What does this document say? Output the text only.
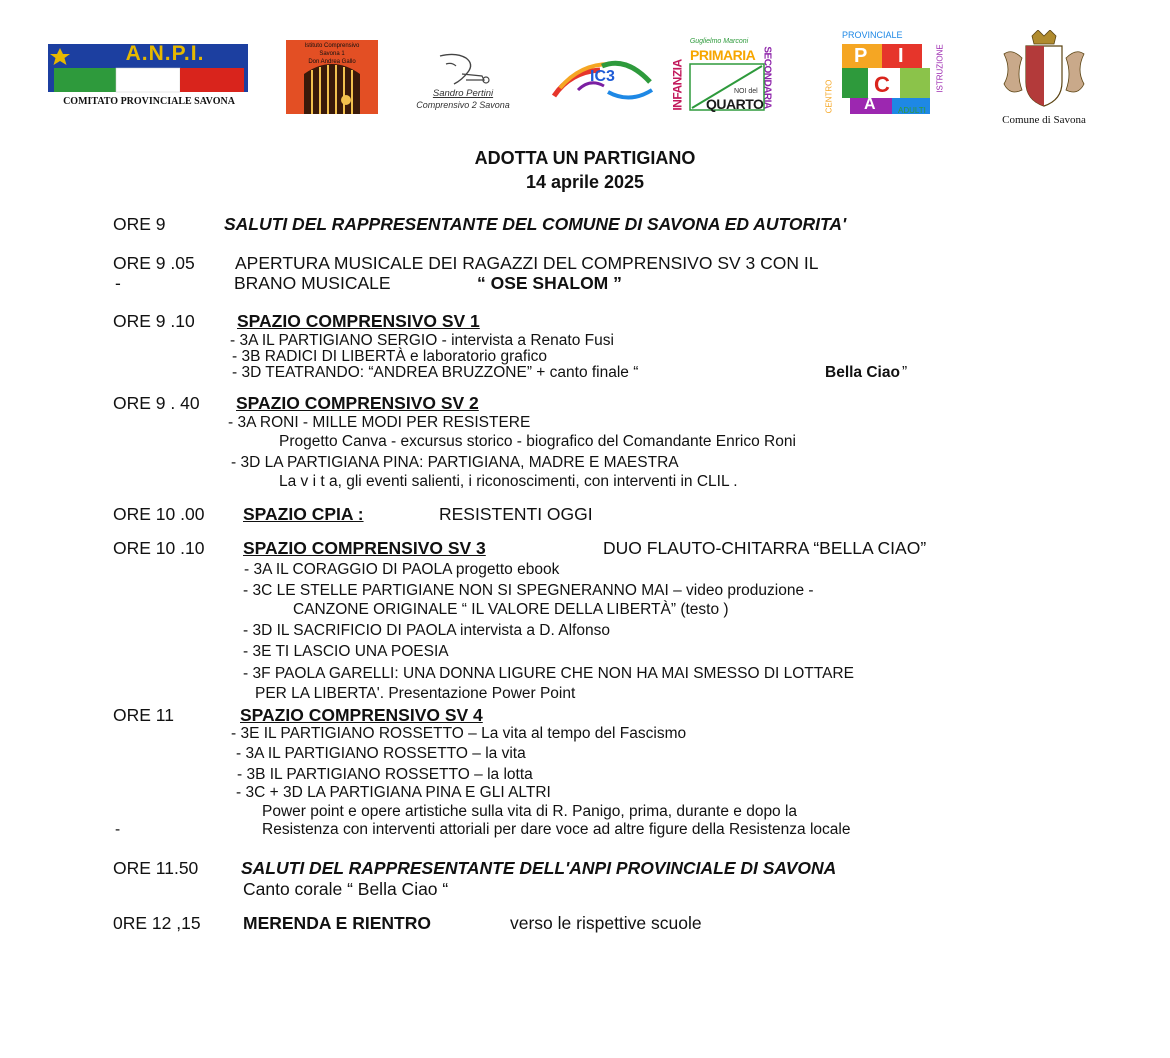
A.N.P.I.
COMITATO PROVINCIALE SAVONA
Istituto Comprensivo
Savona 1
Don Andrea Gallo
Sandro Pertini
Comprensivo 2 Savona
IC3
Guglielmo Marconi
PRIMARIA
INFANZIA	SECONDARIA
NOI del
QUARTO
PROVINCIALE
ISTRUZIONE
CENTRO	ADULTI
C
P I
A
Comune di Savona
ADOTTA UN PARTIGIANO
14 aprile 2025
ORE 9	SALUTI DEL RAPPRESENTANTE DEL COMUNE DI SAVONA ED AUTORITA'
ORE 9 .05 APERTURA MUSICALE DEI RAGAZZI DEL COMPRENSIVO SV 3 CON IL
-	BRANO MUSICALE	“ OSE SHALOM ”
ORE 9 .10 SPAZIO COMPRENSIVO SV 1
- 3A IL PARTIGIANO SERGIO - intervista a Renato Fusi
- 3B RADICI DI LIBERTÀ e laboratorio grafico
- 3D TEATRANDO: “ANDREA BRUZZONE” + canto finale “	Bella Ciao ”
ORE 9 . 40 SPAZIO COMPRENSIVO SV 2
- 3A RONI - MILLE MODI PER RESISTERE
Progetto Canva - excursus storico - biografico del Comandante Enrico Roni
- 3D LA PARTIGIANA PINA: PARTIGIANA, MADRE E MAESTRA
La v i t a, gli eventi salienti, i riconoscimenti, con interventi in CLIL .
ORE 10 .00 SPAZIO CPIA :	RESISTENTI OGGI
ORE 10 .10 SPAZIO COMPRENSIVO SV 3	DUO FLAUTO-CHITARRA “BELLA CIAO”
- 3A IL CORAGGIO DI PAOLA progetto ebook
- 3C LE STELLE PARTIGIANE NON SI SPEGNERANNO MAI – video produzione -
CANZONE ORIGINALE “ IL VALORE DELLA LIBERTÀ” (testo )
- 3D IL SACRIFICIO DI PAOLA intervista a D. Alfonso
- 3E TI LASCIO UNA POESIA
- 3F PAOLA GARELLI: UNA DONNA LIGURE CHE NON HA MAI SMESSO DI LOTTARE
PER LA LIBERTA'. Presentazione Power Point
ORE 11	SPAZIO COMPRENSIVO SV 4
- 3E IL PARTIGIANO ROSSETTO – La vita al tempo del Fascismo
- 3A IL PARTIGIANO ROSSETTO – la vita
- 3B IL PARTIGIANO ROSSETTO – la lotta
- 3C + 3D LA PARTIGIANA PINA E GLI ALTRI
Power point e opere artistiche sulla vita di R. Panigo, prima, durante e dopo la
-	Resistenza con interventi attoriali per dare voce ad altre figure della Resistenza locale
ORE 11.50 SALUTI DEL RAPPRESENTANTE DELL'ANPI PROVINCIALE DI SAVONA
Canto corale “ Bella Ciao “
0RE 12 ,15 MERENDA E RIENTRO	verso le rispettive scuole
